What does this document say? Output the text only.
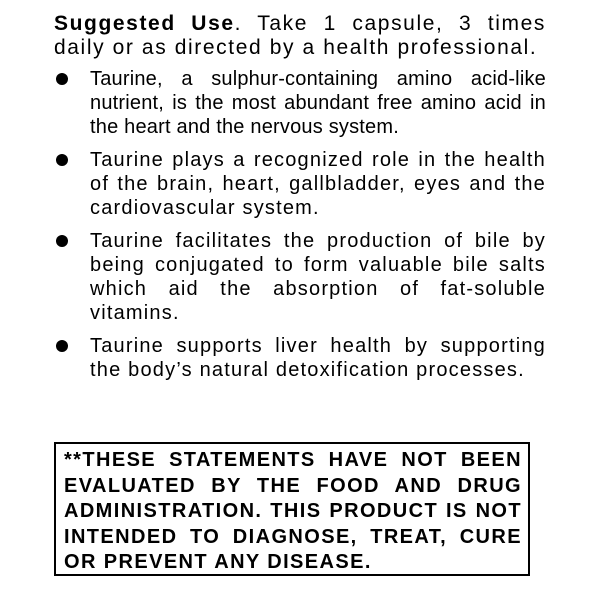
Suggested Use. Take 1 capsule, 3 times daily or as directed by a health professional.

Taurine, a sulphur-containing amino acid-like nutrient, is the most abundant free amino acid in the heart and the nervous system.
Taurine plays a recognized role in the health of the brain, heart, gallbladder, eyes and the cardiovascular system.
Taurine facilitates the production of bile by being conjugated to form valuable bile salts which aid the absorption of fat-soluble vitamins.
Taurine supports liver health by supporting the body’s natural detoxification processes.
**THESE STATEMENTS HAVE NOT BEEN EVALUATED BY THE FOOD AND DRUG ADMINISTRATION. THIS PRODUCT IS NOT INTENDED TO DIAGNOSE, TREAT, CURE OR PREVENT ANY DISEASE.
